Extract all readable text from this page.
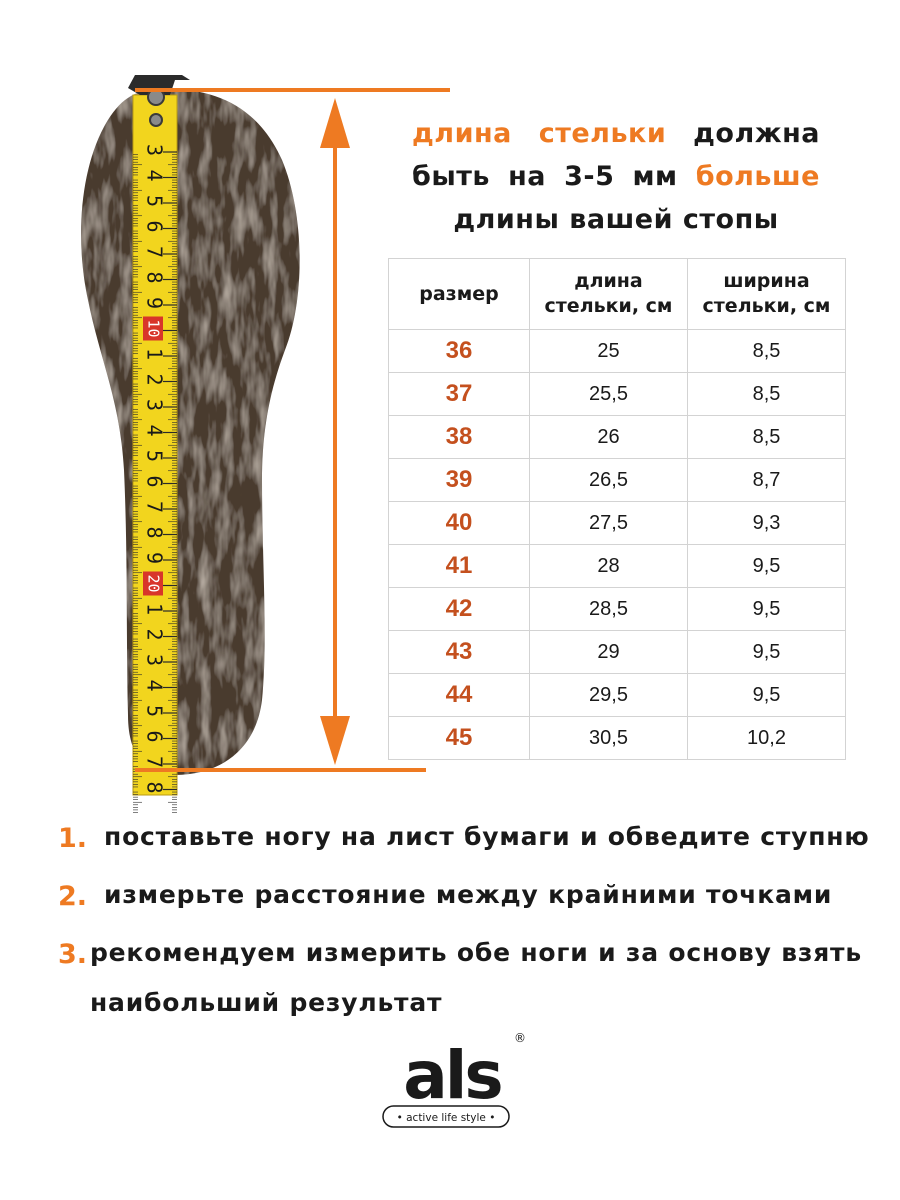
3
4
5
6
7
8
9
10
1
2
3
4
5
6
7
8
9
20
1
2
3
4
5
6
7
8
длина стельки должна
быть на 3-5 мм больше
длины вашей стопы
размер	длина стельки, см	ширина стельки, см
36	25	8,5
37	25,5	8,5
38	26	8,5
39	26,5	8,7
40	27,5	9,3
41	28	9,5
42	28,5	9,5
43	29	9,5
44	29,5	9,5
45	30,5	10,2
1. поставьте ногу на лист бумаги и обведите ступню
2. измерьте расстояние между крайними точками
3. рекомендуем измерить обе ноги и за основу взять наибольший результат
als ®
• active life style •
